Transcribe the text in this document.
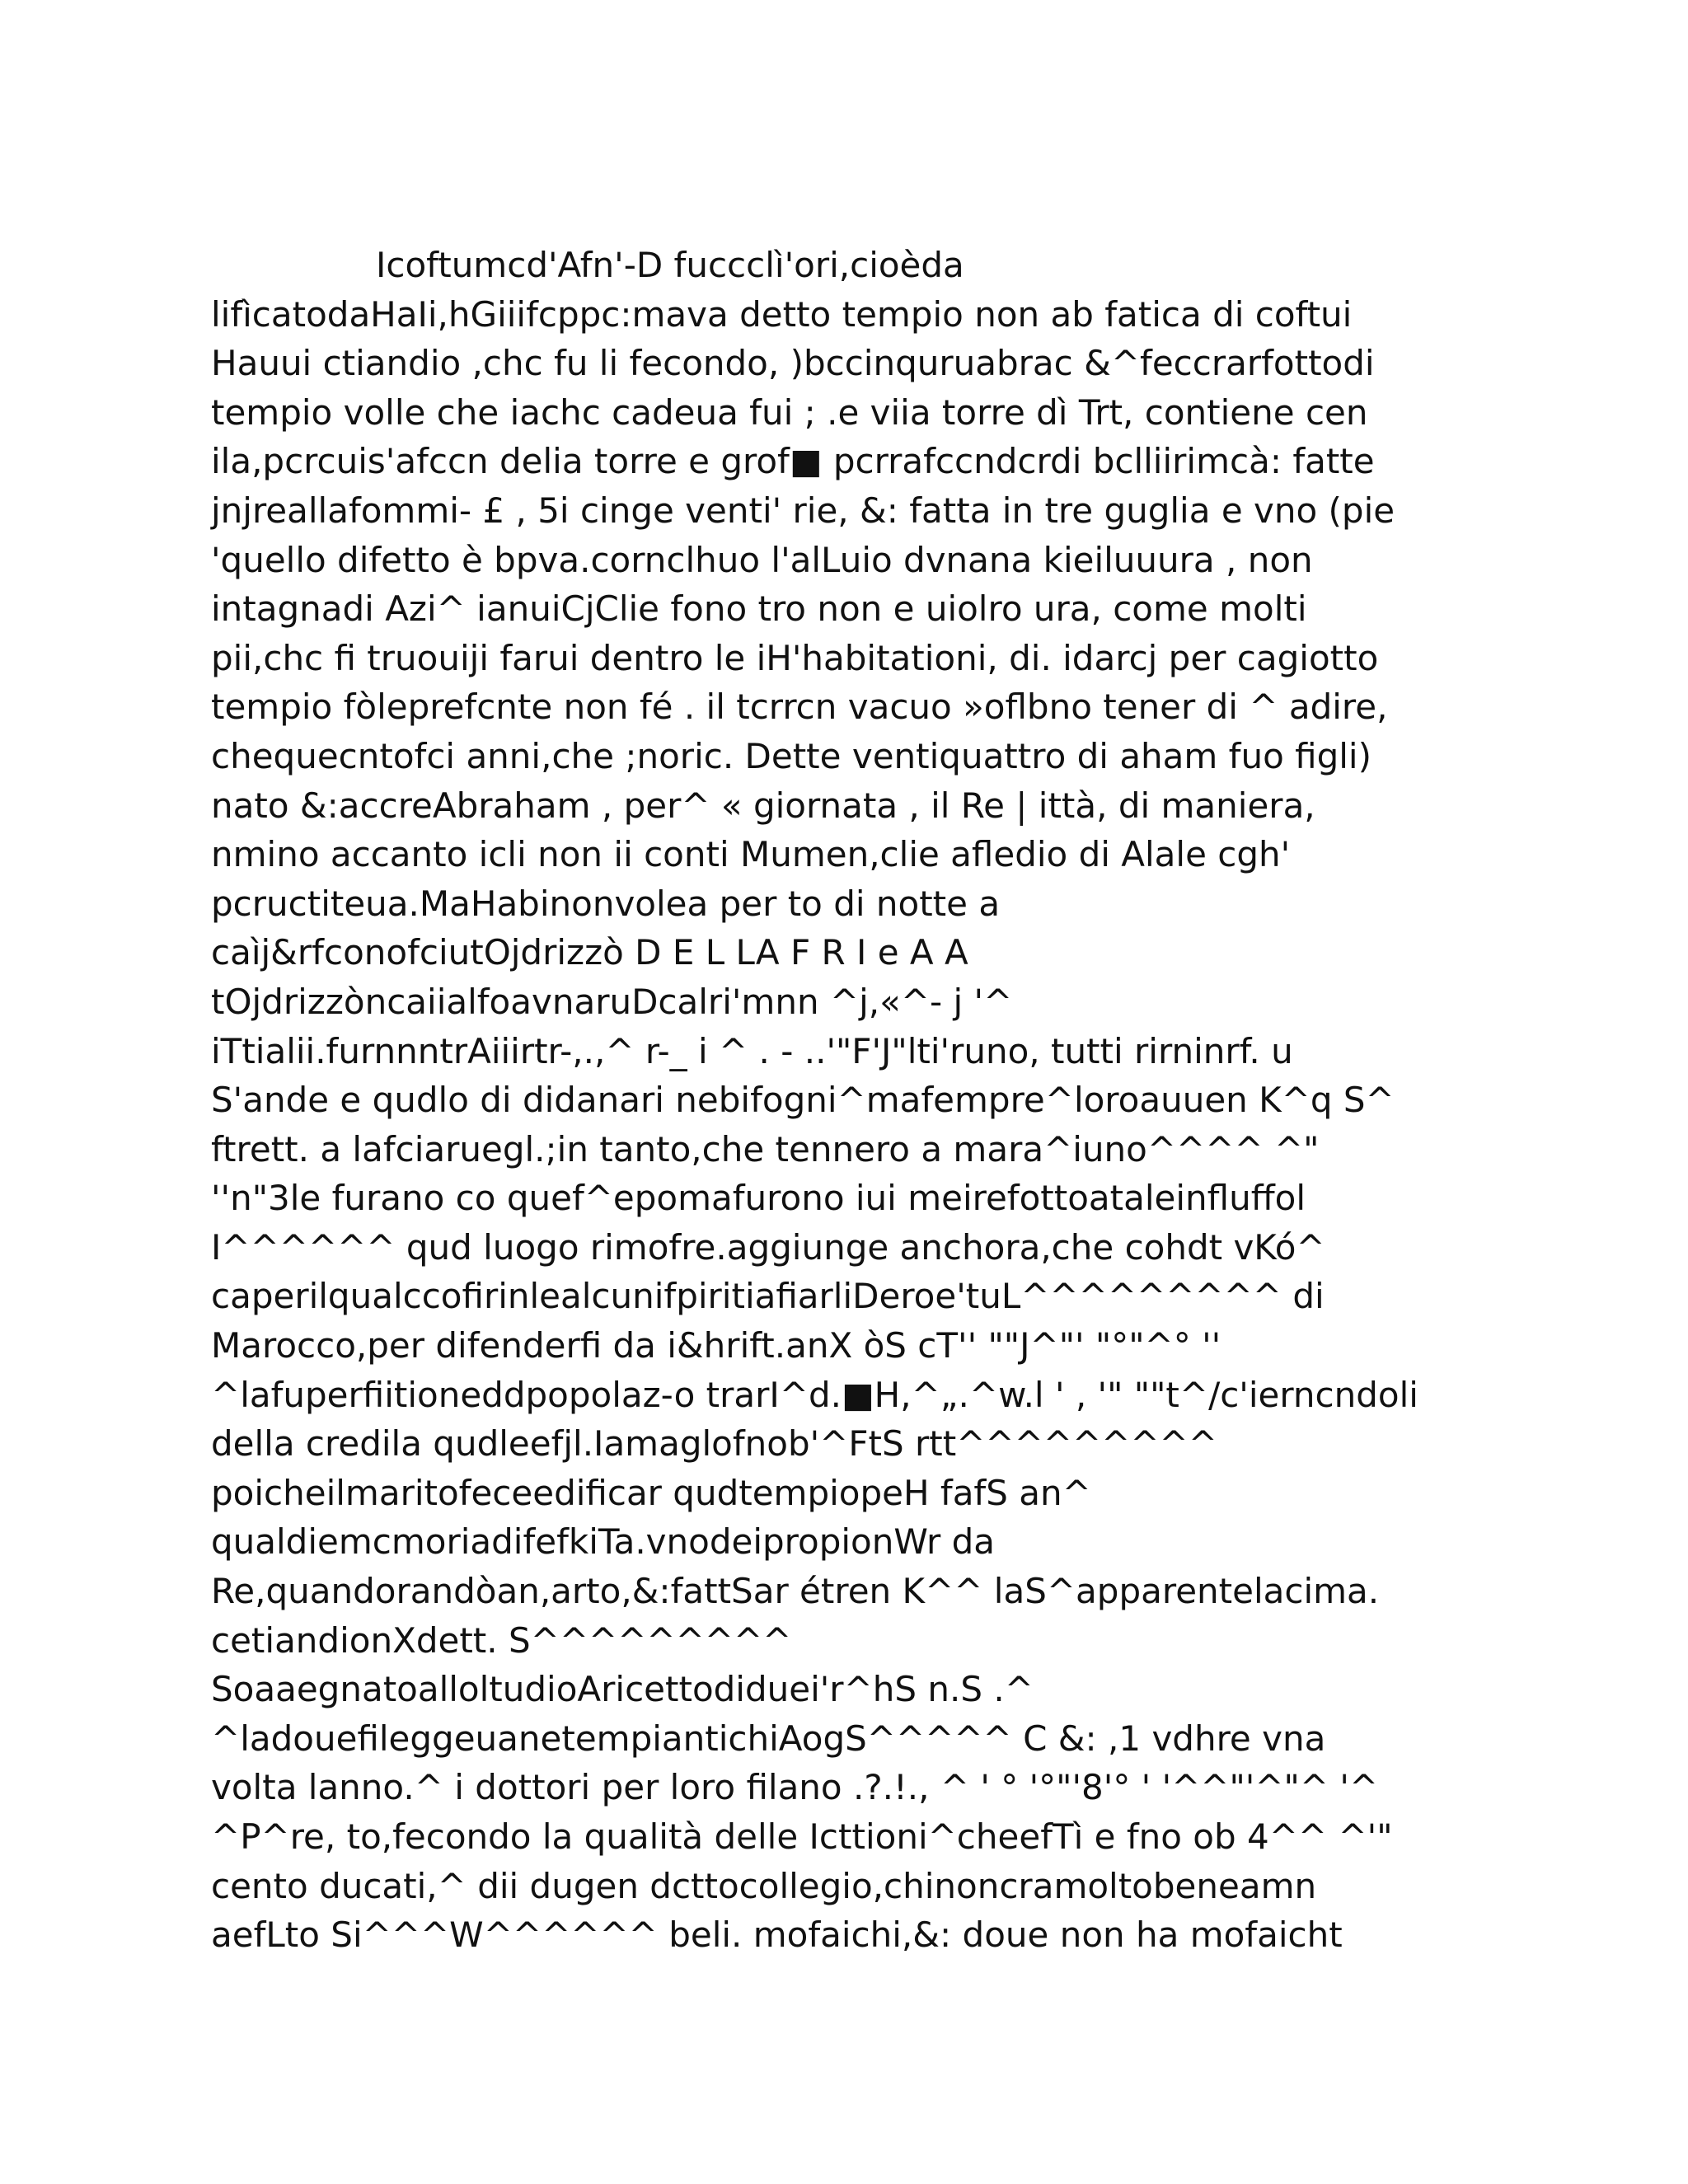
Icoftumcd'Afn'-D fuccclì'ori,cioèda
lifìcatodaHaIi,hGiiifcppc:mava detto tempio non ab fatica di coftui
Hauui ctiandio ,chc fu li fecondo, )bccinquruabrac &^feccrarfottodi
tempio volle che iachc cadeua fui ; .e viia torre dì Trt, contiene cen
ila,pcrcuis'afccn delia torre e grof■ pcrrafccndcrdi bclliirimcà: fatte
jnjreallafommi- £ , 5i cinge venti' rie, &: fatta in tre guglia e vno (pie
'quello difetto è bpva.cornclhuo l'alLuio dvnana kieiluuura , non
intagnadi Azi^ ianuiCjClie fono tro non e uiolro ura, come molti
pii,chc fi truouiji farui dentro le iH'habitationi, di. idarcj per cagiotto
tempio fòleprefcnte non fé . il tcrrcn vacuo »oflbno tener di ^ adire,
chequecntofci anni,che ;noric. Dette ventiquattro di aham fuo figli)
nato &:accreAbraham , per^ « giornata , il Re | ittà, di maniera,
nmino accanto icli non ii conti Mumen,clie afledio di Alale cgh'
pcructiteua.MaHabinonvolea per to di notte a
caìj&rfconofciutOjdrizzò D E L LA F R I e A A
tOjdrizzòncaiialfoavnaruDcalri'mnn ^j,«^- j '^
iTtialii.furnnntrAiiirtr-,.,^ r-_ i ^ . - ..'"F'J"lti'runo, tutti rirninrf. u
S'ande e qudlo di didanari nebifogni^mafempre^loroauuen K^q S^
ftrett. a lafciaruegl.;in tanto,che tennero a mara^iuno^^^^ ^"
''n"3le furano co quef^epomafurono iui meirefottoataleinfluffol
I^^^^^^ qud luogo rimofre.aggiunge anchora,che cohdt vKó^
caperilqualccofirinlealcunifpiritiafiarliDeroe'tuL^^^^^^^^^ di
Marocco,per difenderfi da i&hrift.anX òS cT'' ""J^"' "°"^° ''
^lafuperfiitioneddpopolaz-o trarI^d.■H,^„.^w.l ' , '" ""t^/c'ierncndoli
della credila qudleefjl.Iamaglofnob'^FtS rtt^^^^^^^^^
poicheilmaritofeceedificar qudtempiopeH fafS an^
qualdiemcmoriadifefkiTa.vnodeipropionWr da
Re,quandorandòan,arto,&:fattSar étren K^^ laS^apparentelacima.
cetiandionXdett. S^^^^^^^^^
SoaaegnatoalloltudioAricettodiduei'r^hS n.S .^
^ladouefileggeuanetempiantichiAogS^^^^^ C &: ,1 vdhre vna
volta lanno.^ i dottori per loro filano .?.!., ^ ' ° '°"'8'° ' '^^"'^"^ '^
^P^re, to,fecondo la qualità delle Icttioni^cheefTì e fno ob 4^^ ^'"
cento ducati,^ dii dugen dcttocollegio,chinoncramoltobeneamn
aefLto Si^^^W^^^^^^ beli. mofaichi,&: doue non ha mofaicht
